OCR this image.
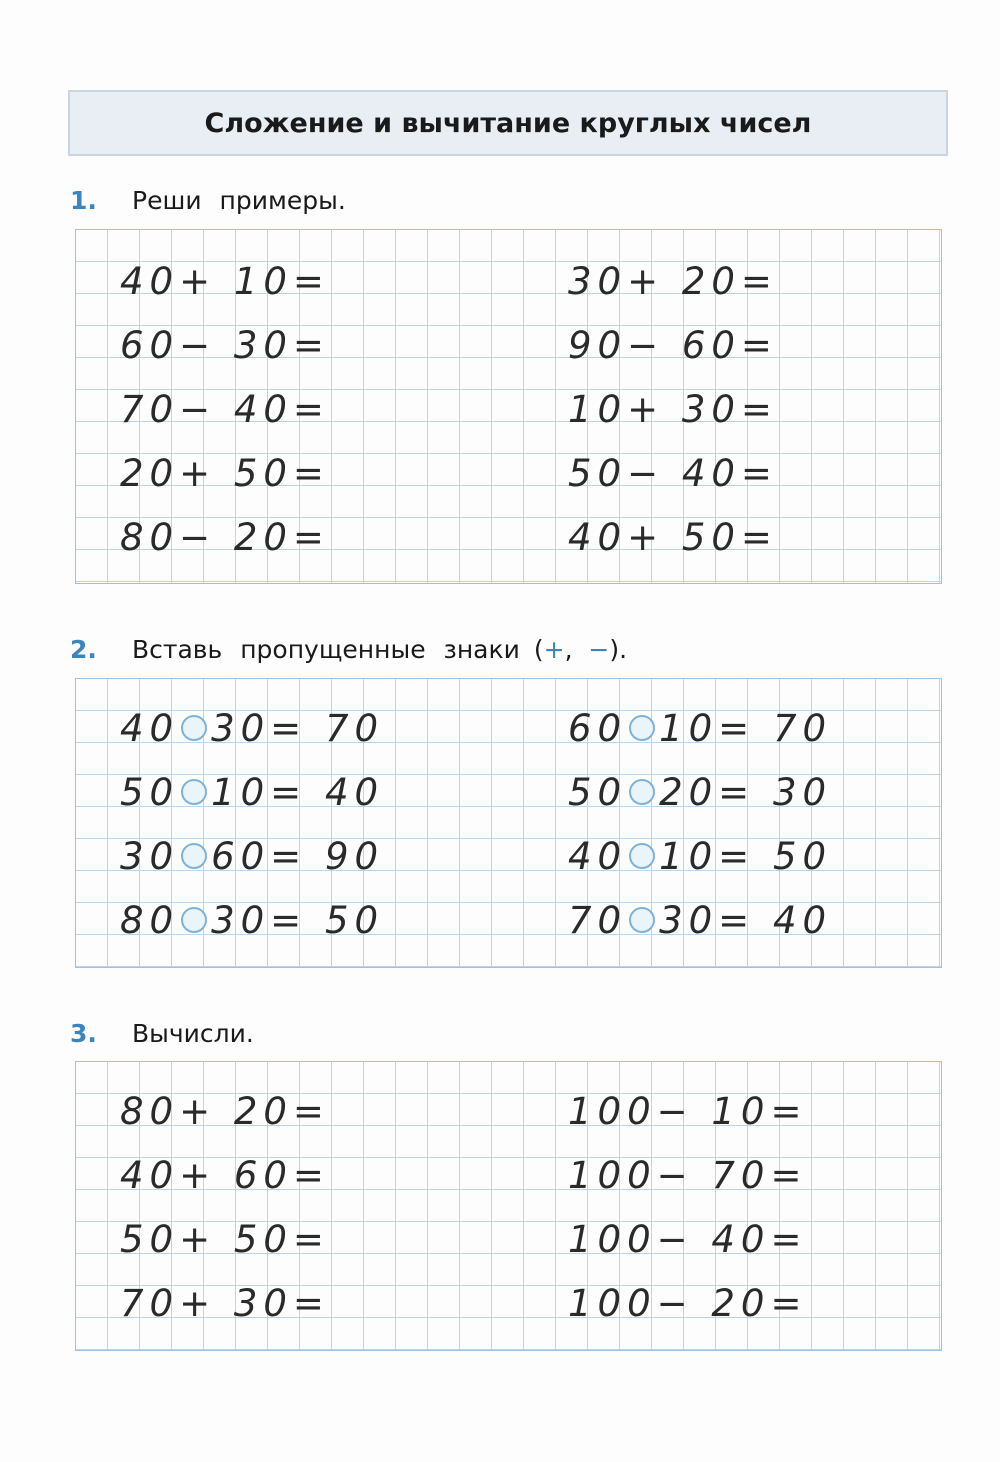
Сложение и вычитание круглых чисел
1.	Реши примеры.
40+ 10=
60− 30=
70− 40=
20+ 50=
80− 20=
30+ 20=
90− 60=
10+ 30=
50− 40=
40+ 50=
2.	Вставь пропущенные знаки (+, −).
40 30= 70
50 10= 40
30 60= 90
80 30= 50
60 10= 70
50 20= 30
40 10= 50
70 30= 40
3.	Вычисли.
80+ 20=
40+ 60=
50+ 50=
70+ 30=
100− 10=
100− 70=
100− 40=
100− 20=
